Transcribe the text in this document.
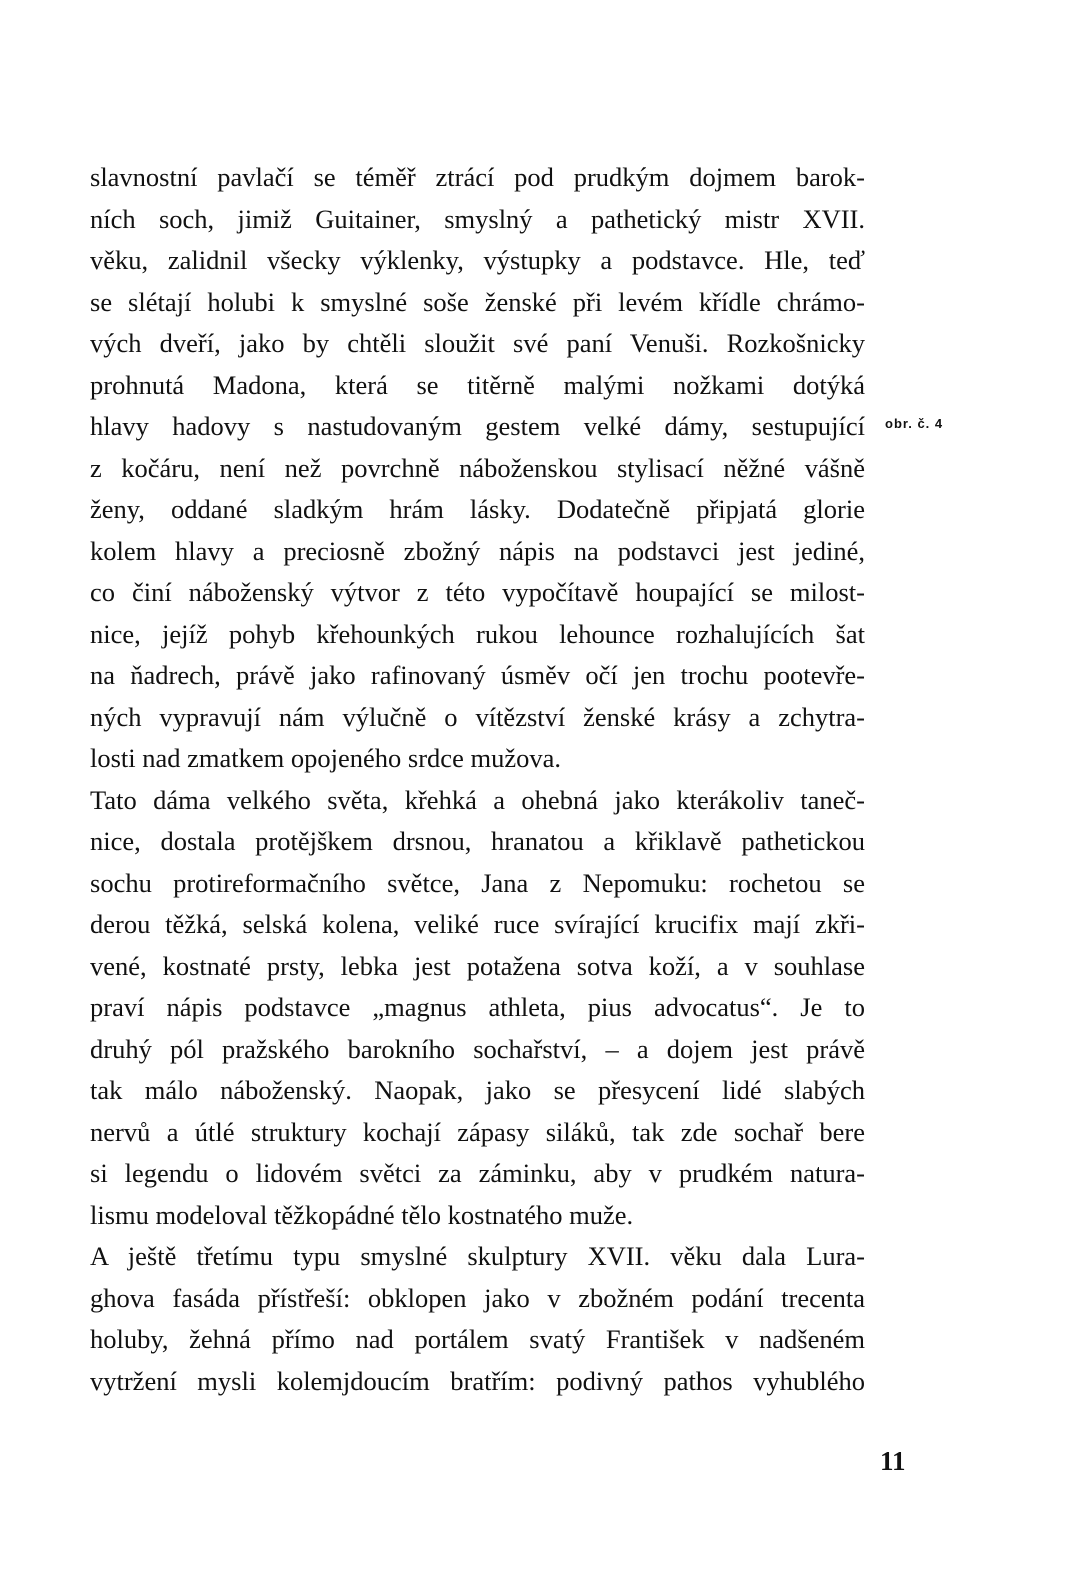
slavnostní pavlačí se téměř ztrácí pod prudkým dojmem barok-
ních soch, jimiž Guitainer, smyslný a pathetický mistr XVII.
věku, zalidnil všecky výklenky, výstupky a podstavce. Hle, teď
se slétají holubi k smyslné soše ženské při levém křídle chrámo-
vých dveří, jako by chtěli sloužit své paní Venuši. Rozkošnicky
prohnutá Madona, která se titěrně malými nožkami dotýká
hlavy hadovy s nastudovaným gestem velké dámy, sestupující
z kočáru, není než povrchně náboženskou stylisací něžné vášně
ženy, oddané sladkým hrám lásky. Dodatečně připjatá glorie
kolem hlavy a preciosně zbožný nápis na podstavci jest jediné,
co činí náboženský výtvor z této vypočítavě houpající se milost-
nice, jejíž pohyb křehounkých rukou lehounce rozhalujících šat
na ňadrech, právě jako rafinovaný úsměv očí jen trochu pootevře-
ných vypravují nám výlučně o vítězství ženské krásy a zchytra-
losti nad zmatkem opojeného srdce mužova.
Tato dáma velkého světa, křehká a ohebná jako kterákoliv taneč-
nice, dostala protějškem drsnou, hranatou a křiklavě pathetickou
sochu protireformačního světce, Jana z Nepomuku: rochetou se
derou těžká, selská kolena, veliké ruce svírající krucifix mají zkři-
vené, kostnaté prsty, lebka jest potažena sotva koží, a v souhlase
praví nápis podstavce „magnus athleta, pius advocatus“. Je to
druhý pól pražského barokního sochařství, – a dojem jest právě
tak málo náboženský. Naopak, jako se přesycení lidé slabých
nervů a útlé struktury kochají zápasy siláků, tak zde sochař bere
si legendu o lidovém světci za záminku, aby v prudkém natura-
lismu modeloval těžkopádné tělo kostnatého muže.
A ještě třetímu typu smyslné skulptury XVII. věku dala Lura-
ghova fasáda přístřeší: obklopen jako v zbožném podání trecenta
holuby, žehná přímo nad portálem svatý František v nadšeném
vytržení mysli kolemjdoucím bratřím: podivný pathos vyhublého
obr. č. 4
11
